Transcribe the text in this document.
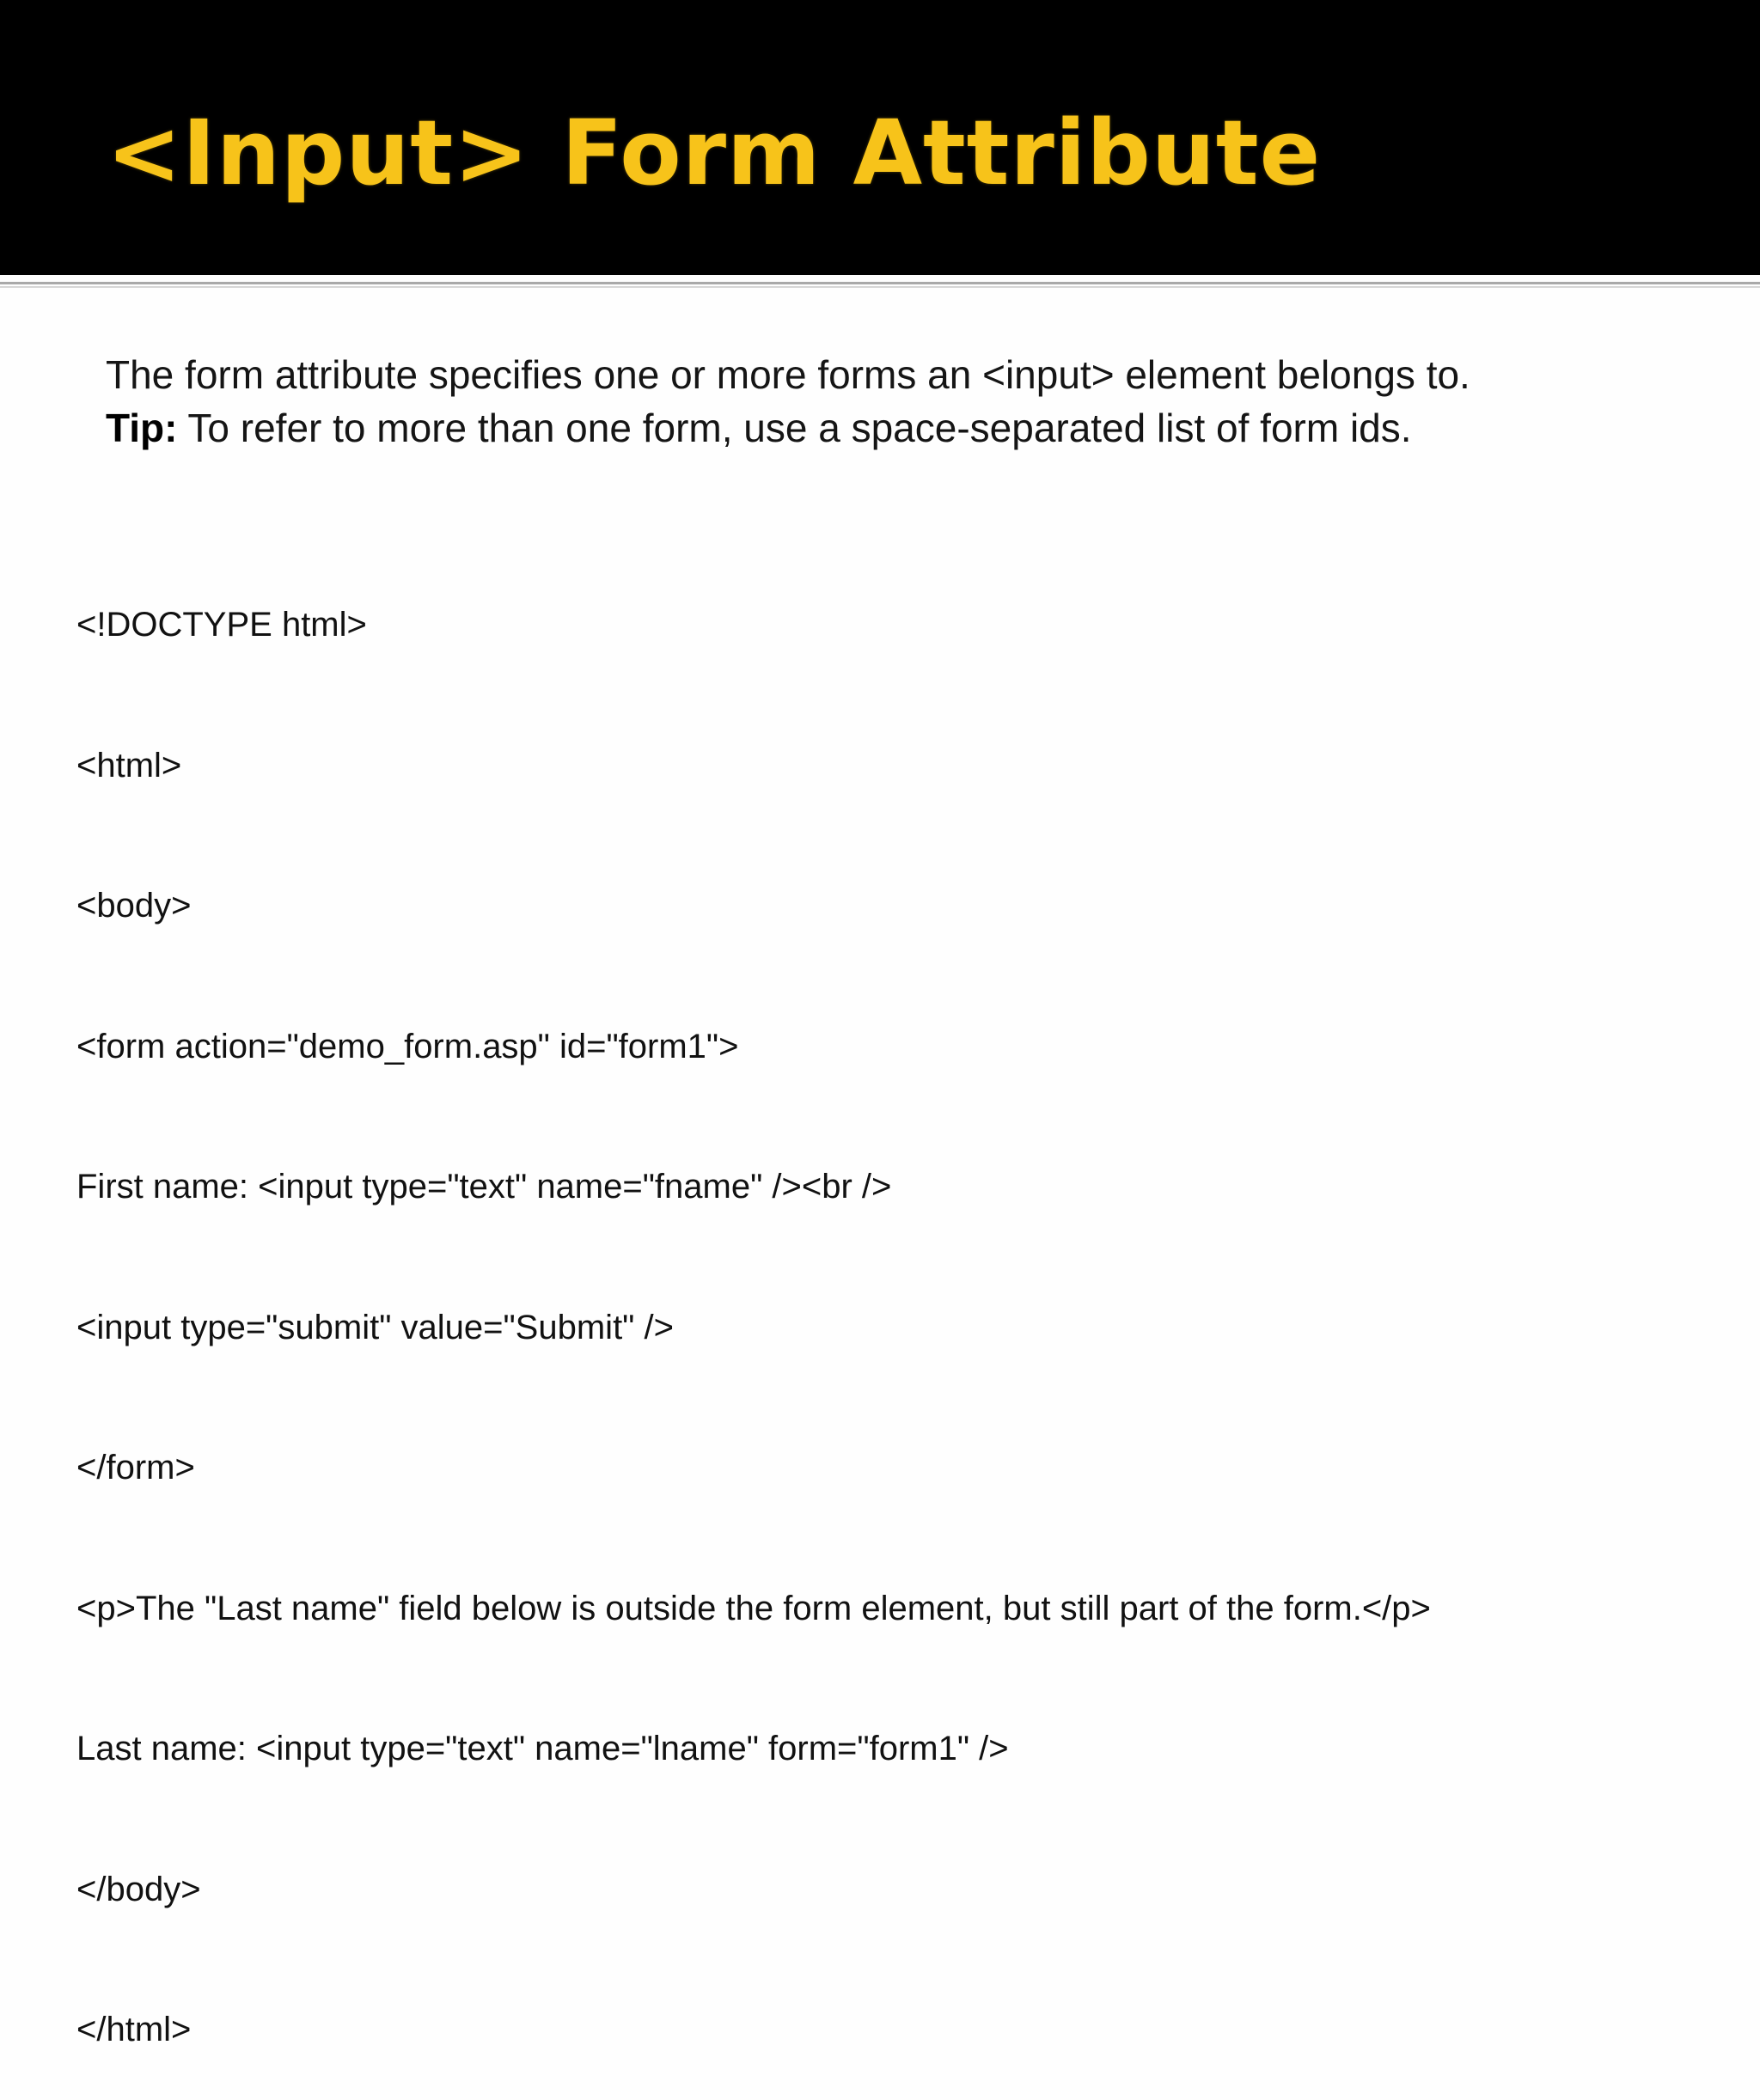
<Input> Form Attribute
The form attribute specifies one or more forms an <input> element belongs to.
Tip: To refer to more than one form, use a space-separated list of form ids.

<!DOCTYPE html>

<html>

<body>

<form action="demo_form.asp" id="form1">

First name: <input type="text" name="fname" /><br />

<input type="submit" value="Submit" />

</form>

<p>The "Last name" field below is outside the form element, but still part of the form.</p>

Last name: <input type="text" name="lname" form="form1" />

</body>

</html>
